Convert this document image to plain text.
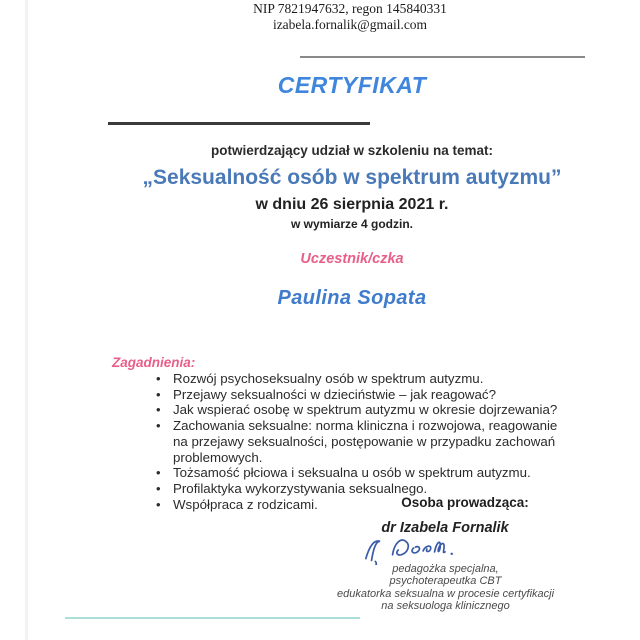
NIP 7821947632, regon 145840331
izabela.fornalik@gmail.com
CERTYFIKAT
potwierdzający udział w szkoleniu na temat:
„Seksualność osób w spektrum autyzmu”
w dniu 26 sierpnia 2021 r.
w wymiarze 4 godzin.
Uczestnik/czka
Paulina Sopata
Zagadnienia:
• Rozwój psychoseksualny osób w spektrum autyzmu.
• Przejawy seksualności w dzieciństwie – jak reagować?
• Jak wspierać osobę w spektrum autyzmu w okresie dojrzewania?
• Zachowania seksualne: norma kliniczna i rozwojowa, reagowanie na przejawy seksualności, postępowanie w przypadku zachowań problemowych.
• Tożsamość płciowa i seksualna u osób w spektrum autyzmu.
• Profilaktyka wykorzystywania seksualnego.
• Współpraca z rodzicami.	Osoba prowadząca:
dr Izabela Fornalik
pedagożka specjalna,
psychoterapeutka CBT
edukatorka seksualna w procesie certyfikacji
na seksuologa klinicznego
